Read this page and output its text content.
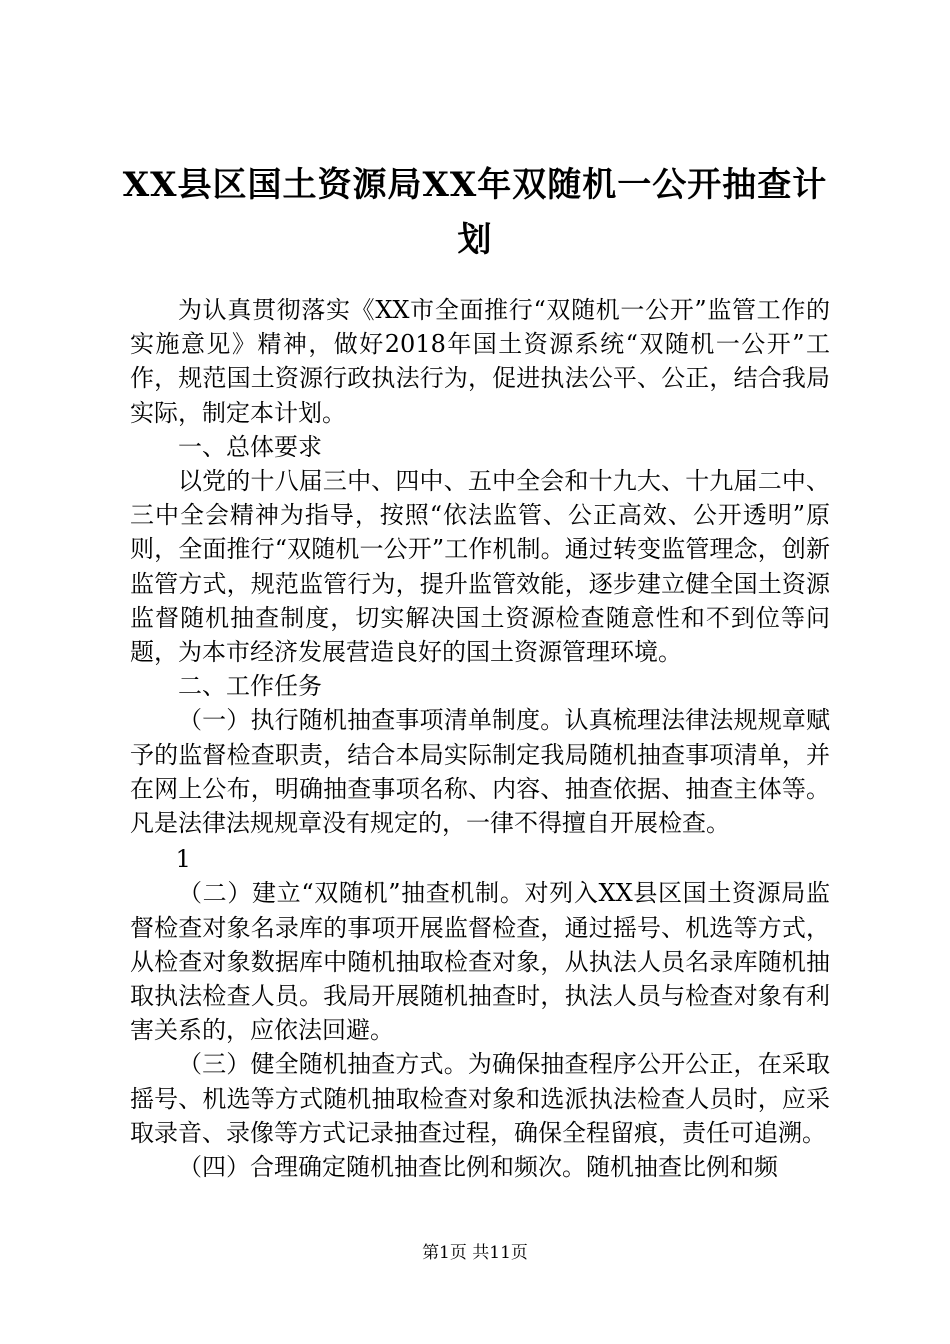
XX县区国土资源局XX年双随机一公开抽查计
划

为认真贯彻落实《XX市全面推行“双随机一公开”监管工作的实施意见》精神，做好2018年国土资源系统“双随机一公开”工作，规范国土资源行政执法行为，促进执法公平、公正，结合我局实际，制定本计划。

一、总体要求

以党的十八届三中、四中、五中全会和十九大、十九届二中、三中全会精神为指导，按照“依法监管、公正高效、公开透明”原则，全面推行“双随机一公开”工作机制。通过转变监管理念，创新监管方式，规范监管行为，提升监管效能，逐步建立健全国土资源监督随机抽查制度，切实解决国土资源检查随意性和不到位等问题，为本市经济发展营造良好的国土资源管理环境。

二、工作任务

（一）执行随机抽查事项清单制度。认真梳理法律法规规章赋予的监督检查职责，结合本局实际制定我局随机抽查事项清单，并在网上公布，明确抽查事项名称、内容、抽查依据、抽查主体等。凡是法律法规规章没有规定的，一律不得擅自开展检查。

1

（二）建立“双随机”抽查机制。对列入XX县区国土资源局监督检查对象名录库的事项开展监督检查，通过摇号、机选等方式，从检查对象数据库中随机抽取检查对象，从执法人员名录库随机抽取执法检查人员。我局开展随机抽查时，执法人员与检查对象有利害关系的，应依法回避。

（三）健全随机抽查方式。为确保抽查程序公开公正，在采取摇号、机选等方式随机抽取检查对象和选派执法检查人员时，应采取录音、录像等方式记录抽查过程，确保全程留痕，责任可追溯。

（四）合理确定随机抽查比例和频次。随机抽查比例和频

第1页 共11页
